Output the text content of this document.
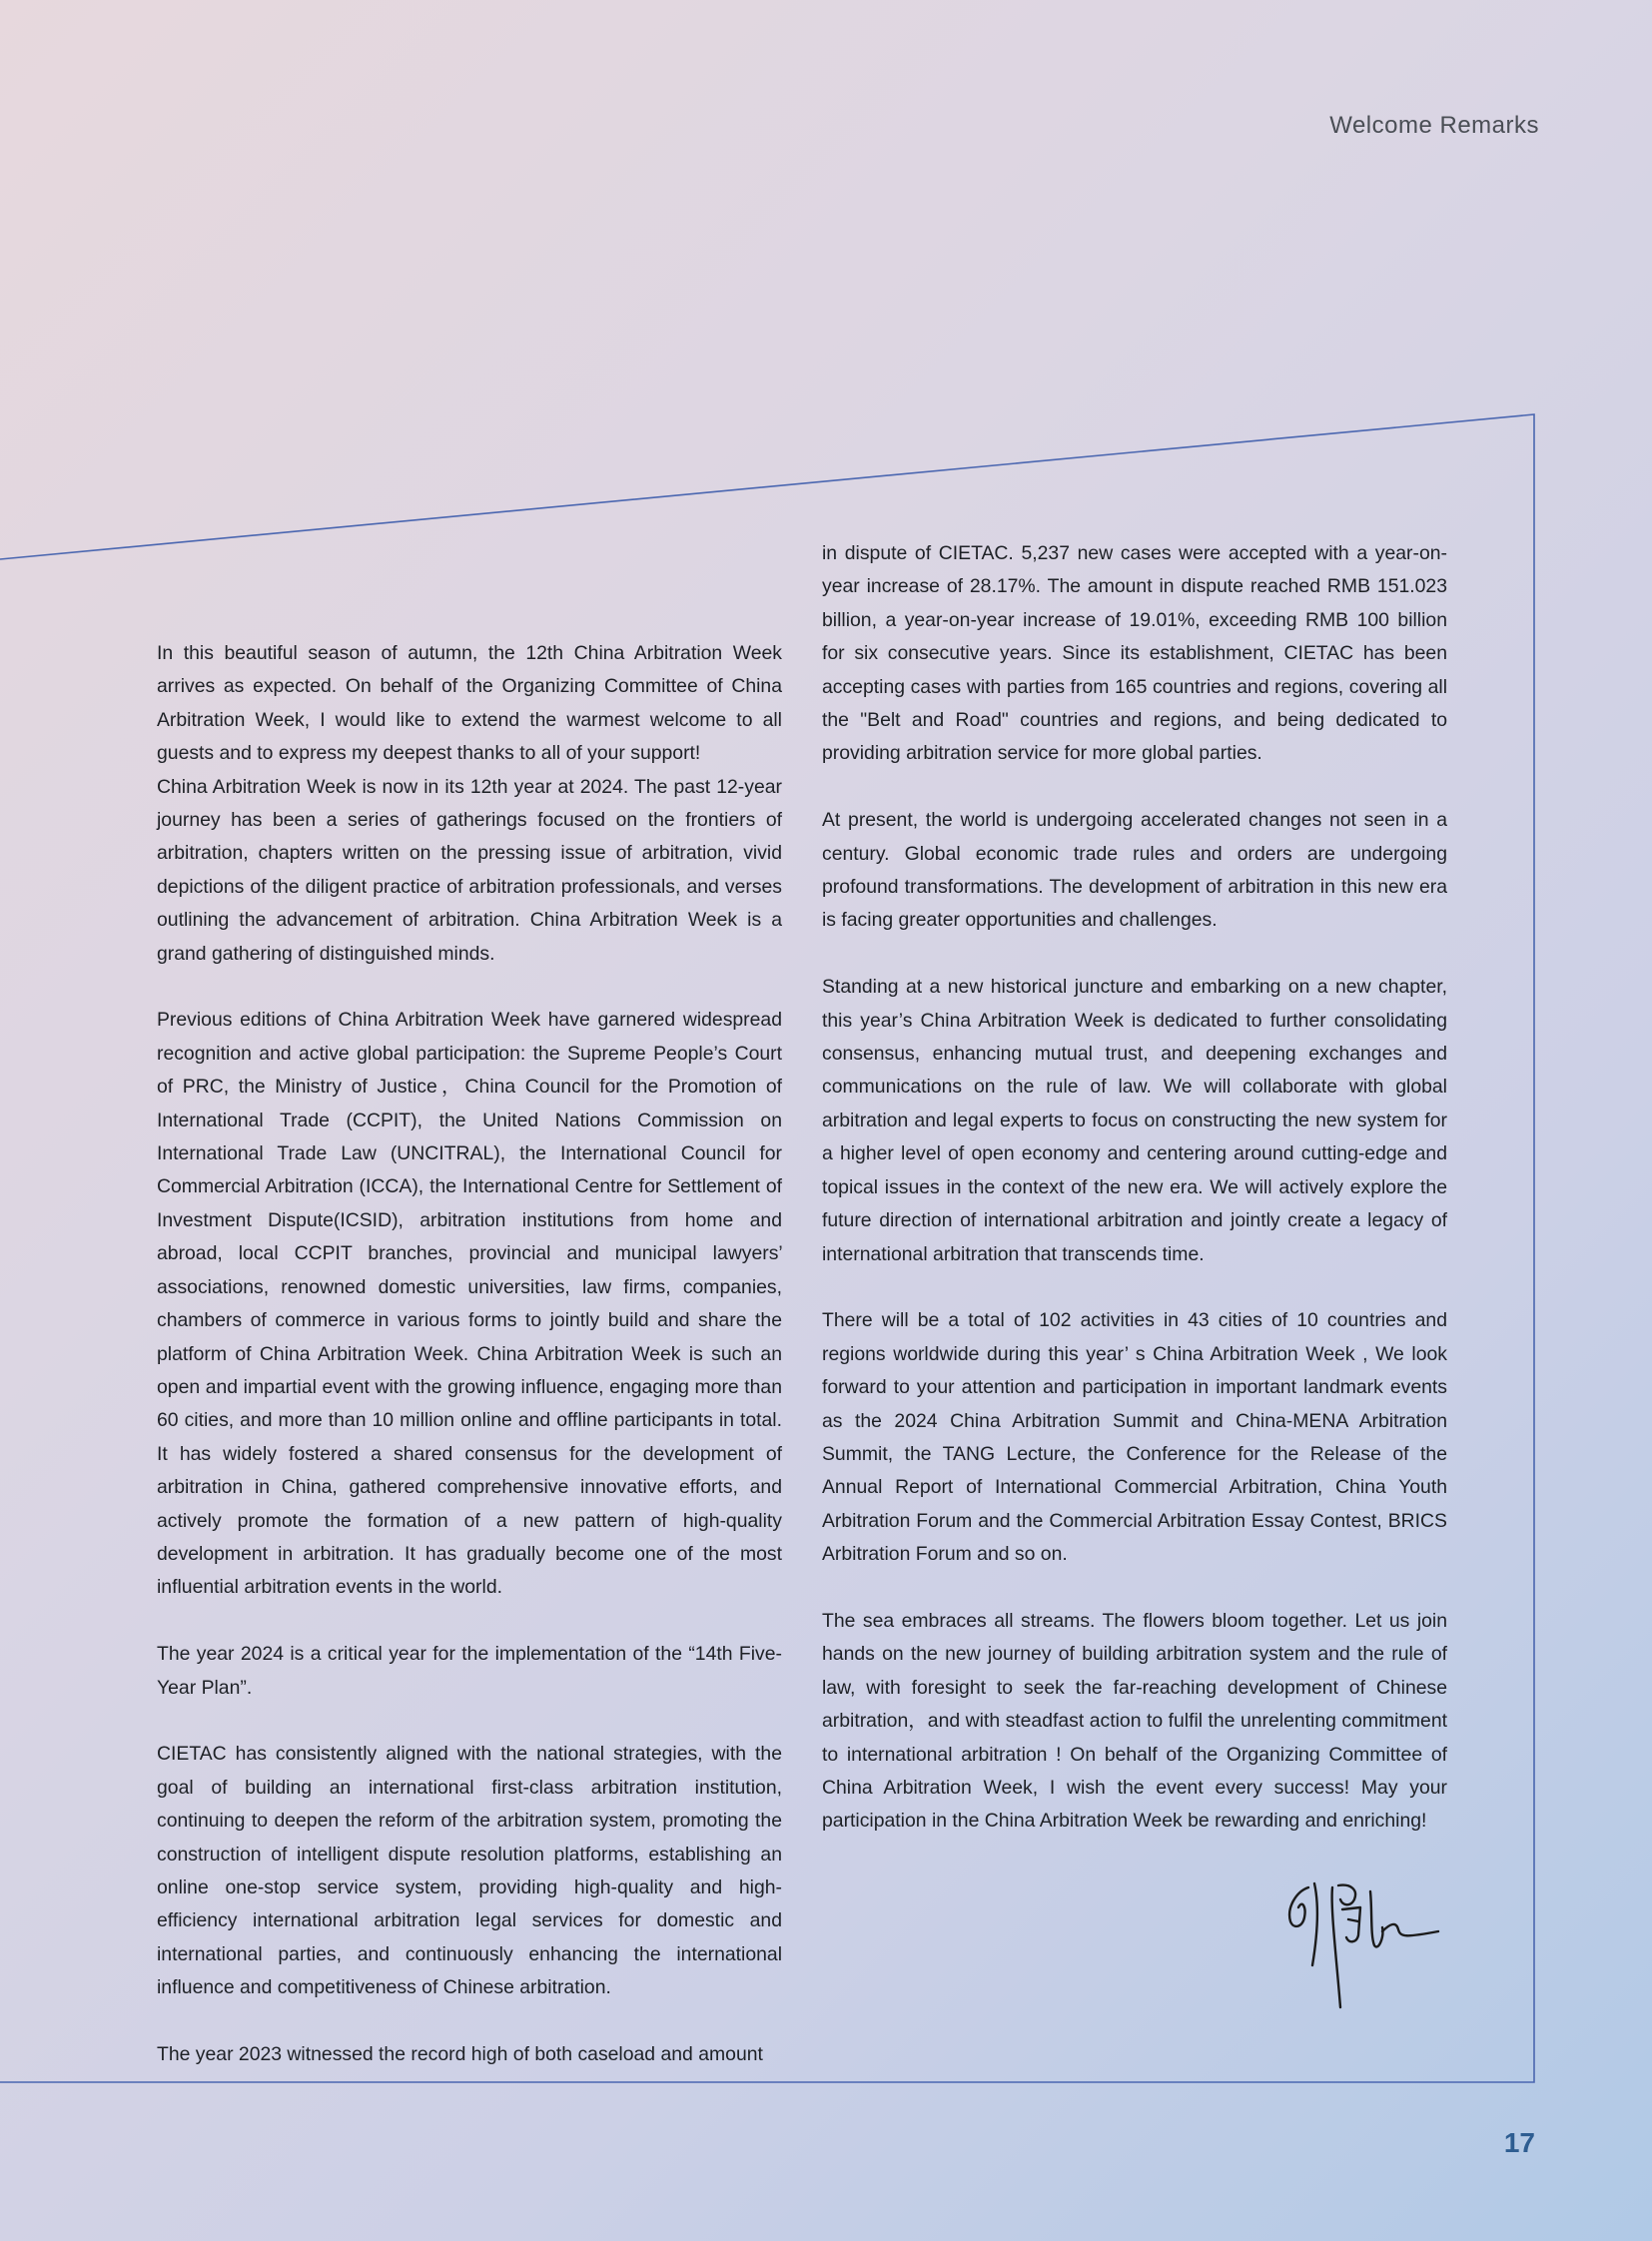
Welcome Remarks

In this beautiful season of autumn, the 12th China Arbitration Week arrives as expected. On behalf of the Organizing Committee of China Arbitration Week, I would like to extend the warmest welcome to all guests and to express my deepest thanks to all of your support!

China Arbitration Week is now in its 12th year at 2024. The past 12-year journey has been a series of gatherings focused on the frontiers of arbitration, chapters written on the pressing issue of arbitration, vivid depictions of the diligent practice of arbitration professionals, and verses outlining the advancement of arbitration. China Arbitration Week is a grand gathering of distinguished minds.

Previous editions of China Arbitration Week have garnered widespread recognition and active global participation: the Supreme People’s Court of PRC, the Ministry of Justice，China Council for the Promotion of International Trade (CCPIT), the United Nations Commission on International Trade Law (UNCITRAL), the International Council for Commercial Arbitration (ICCA), the International Centre for Settlement of Investment Dispute(ICSID), arbitration institutions from home and abroad, local CCPIT branches, provincial and municipal lawyers’　associations, renowned domestic universities, law firms, companies, chambers of commerce in various forms to jointly build and share the platform of China Arbitration Week. China Arbitration Week is such an open and impartial event with the growing influence, engaging more than 60 cities, and more than 10 million online and offline participants in total. It has widely fostered a shared consensus for the development of arbitration in China, gathered comprehensive innovative efforts, and actively promote the formation of a new pattern of high-quality development in arbitration. It has gradually become one of the most influential arbitration events in the world.

The year 2024 is a critical year for the implementation of the “14th Five-Year Plan”.

CIETAC has consistently aligned with the national strategies, with the goal of building an international first-class arbitration institution, continuing to deepen the reform of the arbitration system, promoting the construction of intelligent dispute resolution platforms, establishing an online one-stop service system, providing high-quality and high-efficiency international arbitration legal services for domestic and international parties, and continuously enhancing the international influence and competitiveness of Chinese arbitration.

The year 2023 witnessed the record high of both caseload and amount

in dispute of CIETAC. 5,237 new cases were accepted with a year-on-year increase of 28.17%. The amount in dispute reached RMB 151.023 billion, a year-on-year increase of 19.01%, exceeding RMB 100 billion for six consecutive years. Since its establishment, CIETAC has been accepting cases with parties from 165 countries and regions, covering all the "Belt and Road" countries and regions, and being dedicated to providing arbitration service for more global parties.

At present, the world is undergoing accelerated changes not seen in a century. Global economic trade rules and orders are undergoing profound transformations. The development of arbitration in this new era is facing greater opportunities and challenges.

Standing at a new historical juncture and embarking on a new chapter, this year’s China Arbitration Week is dedicated to further consolidating consensus, enhancing mutual trust, and deepening exchanges and communications on the rule of law. We will collaborate with global arbitration and legal experts to focus on constructing the new system for a higher level of open economy and centering around cutting-edge and topical issues in the context of the new era. We will actively explore the future direction of international arbitration and jointly create a legacy of international arbitration that transcends time.

There will be a total of 102 activities in 43 cities of 10 countries and regions worldwide during this year’ s China Arbitration Week , We look forward to your attention and participation in important landmark events as the 2024 China Arbitration Summit and China-MENA Arbitration Summit, the TANG Lecture, the Conference for the Release of the Annual Report of International Commercial Arbitration, China Youth Arbitration Forum and the Commercial Arbitration Essay Contest, BRICS Arbitration Forum and so on.

The sea embraces all streams. The flowers bloom together. Let us join hands on the new journey of building arbitration system and the rule of law, with foresight to seek the far-reaching development of Chinese arbitration，and with steadfast action to fulfil the unrelenting commitment to international arbitration ! On behalf of the Organizing Committee of China Arbitration Week, I wish the event every success! May your participation in the China Arbitration Week be rewarding and enriching!

17
